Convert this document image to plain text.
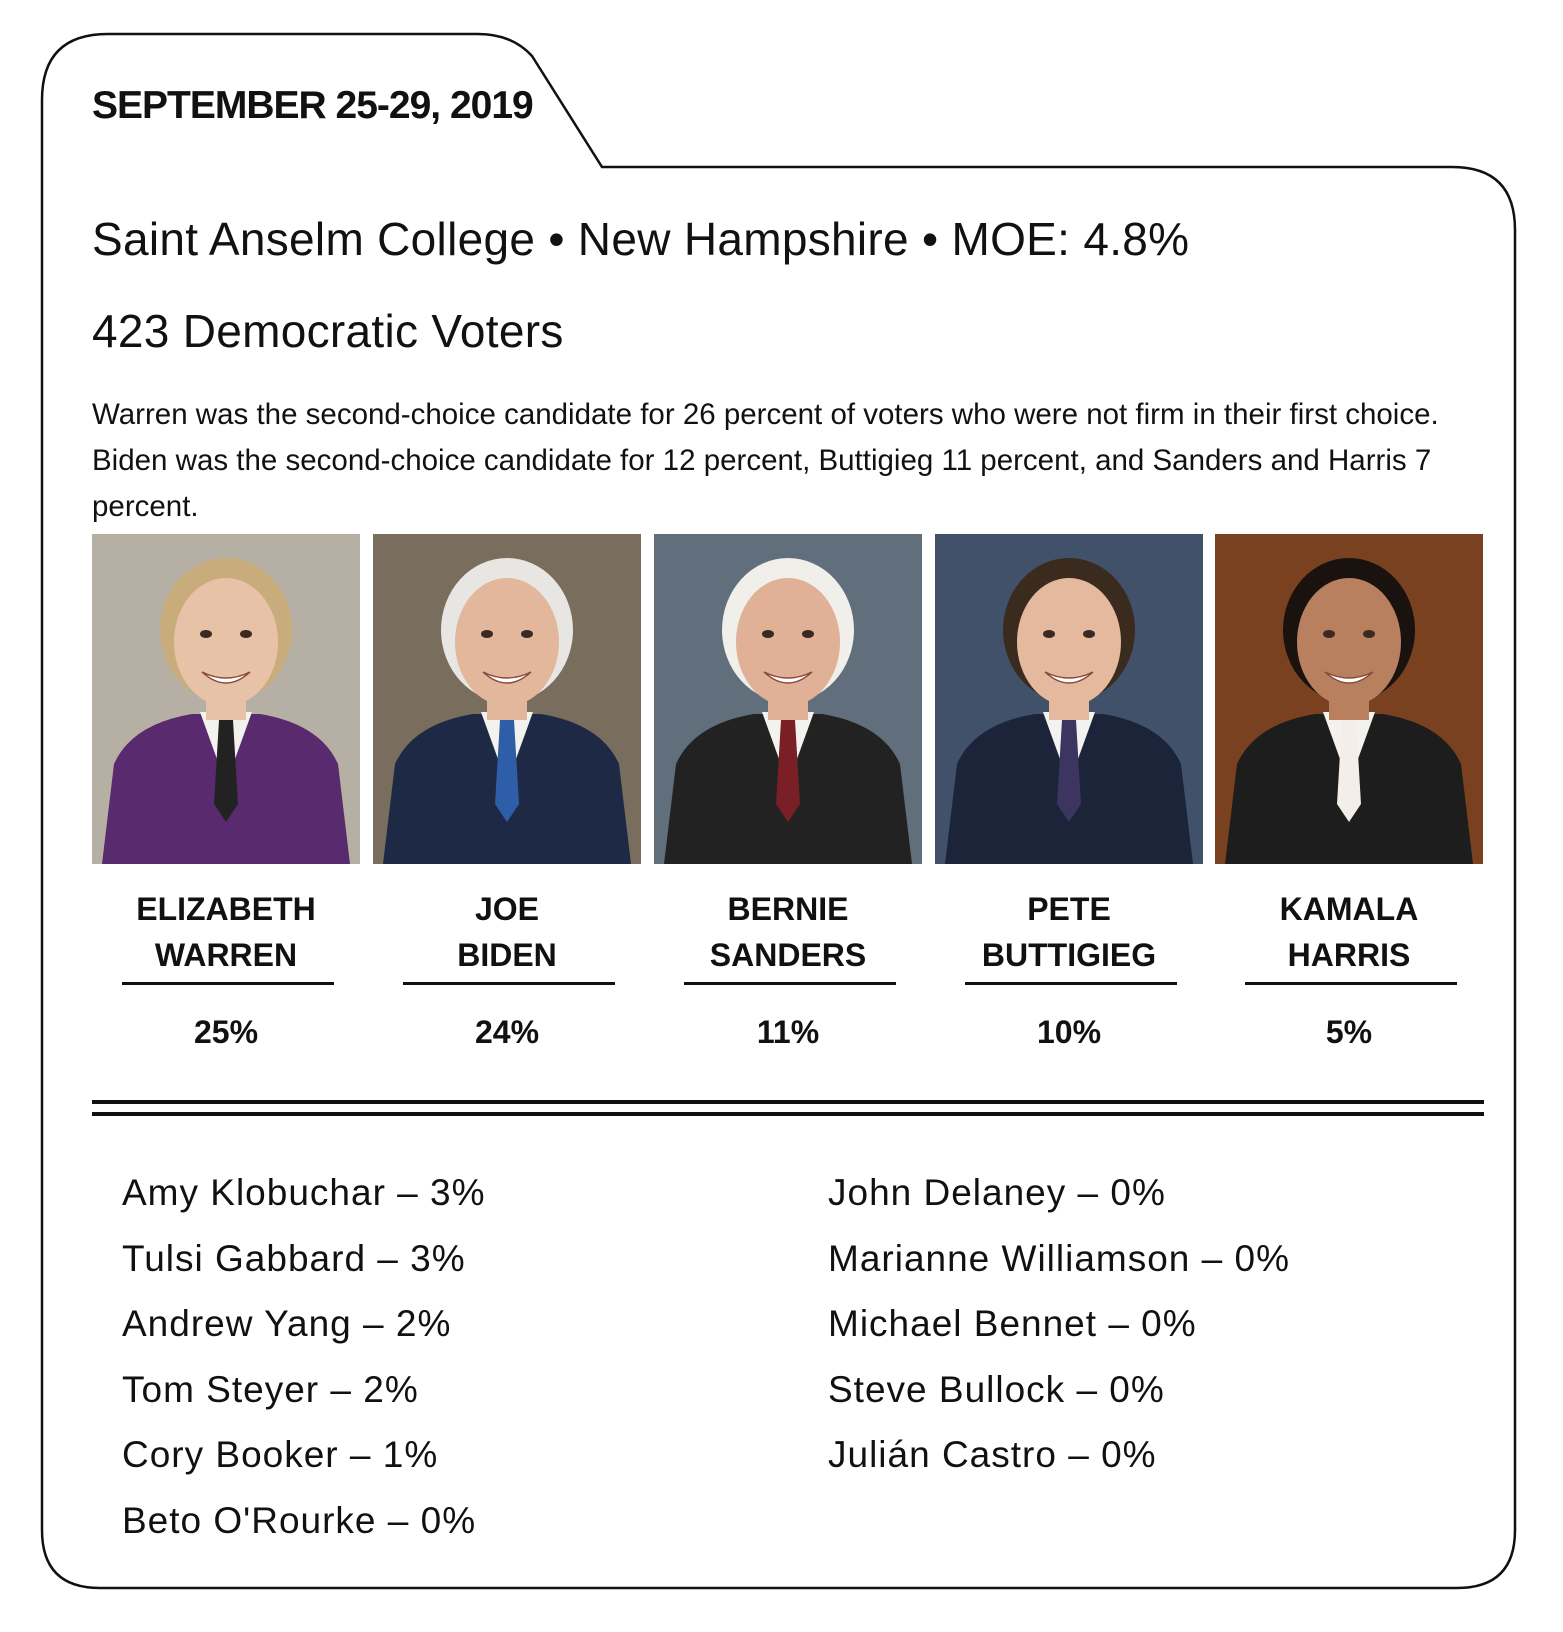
SEPTEMBER 25-29, 2019
Saint Anselm College • New Hampshire • MOE: 4.8%
423 Democratic Voters
Warren was the second-choice candidate for 26 percent of voters who were not firm in their first choice. Biden was the second-choice candidate for 12 percent, Buttigieg 11 percent, and Sanders and Harris 7 percent.
ELIZABETH
WARREN
25%
JOE
BIDEN
24%
BERNIE
SANDERS
11%
PETE
BUTTIGIEG
10%
KAMALA
HARRIS
5%
Amy Klobuchar – 3%
Tulsi Gabbard – 3%
Andrew Yang – 2%
Tom Steyer – 2%
Cory Booker – 1%
Beto O'Rourke – 0%
John Delaney – 0%
Marianne Williamson – 0%
Michael Bennet – 0%
Steve Bullock – 0%
Julián Castro – 0%
